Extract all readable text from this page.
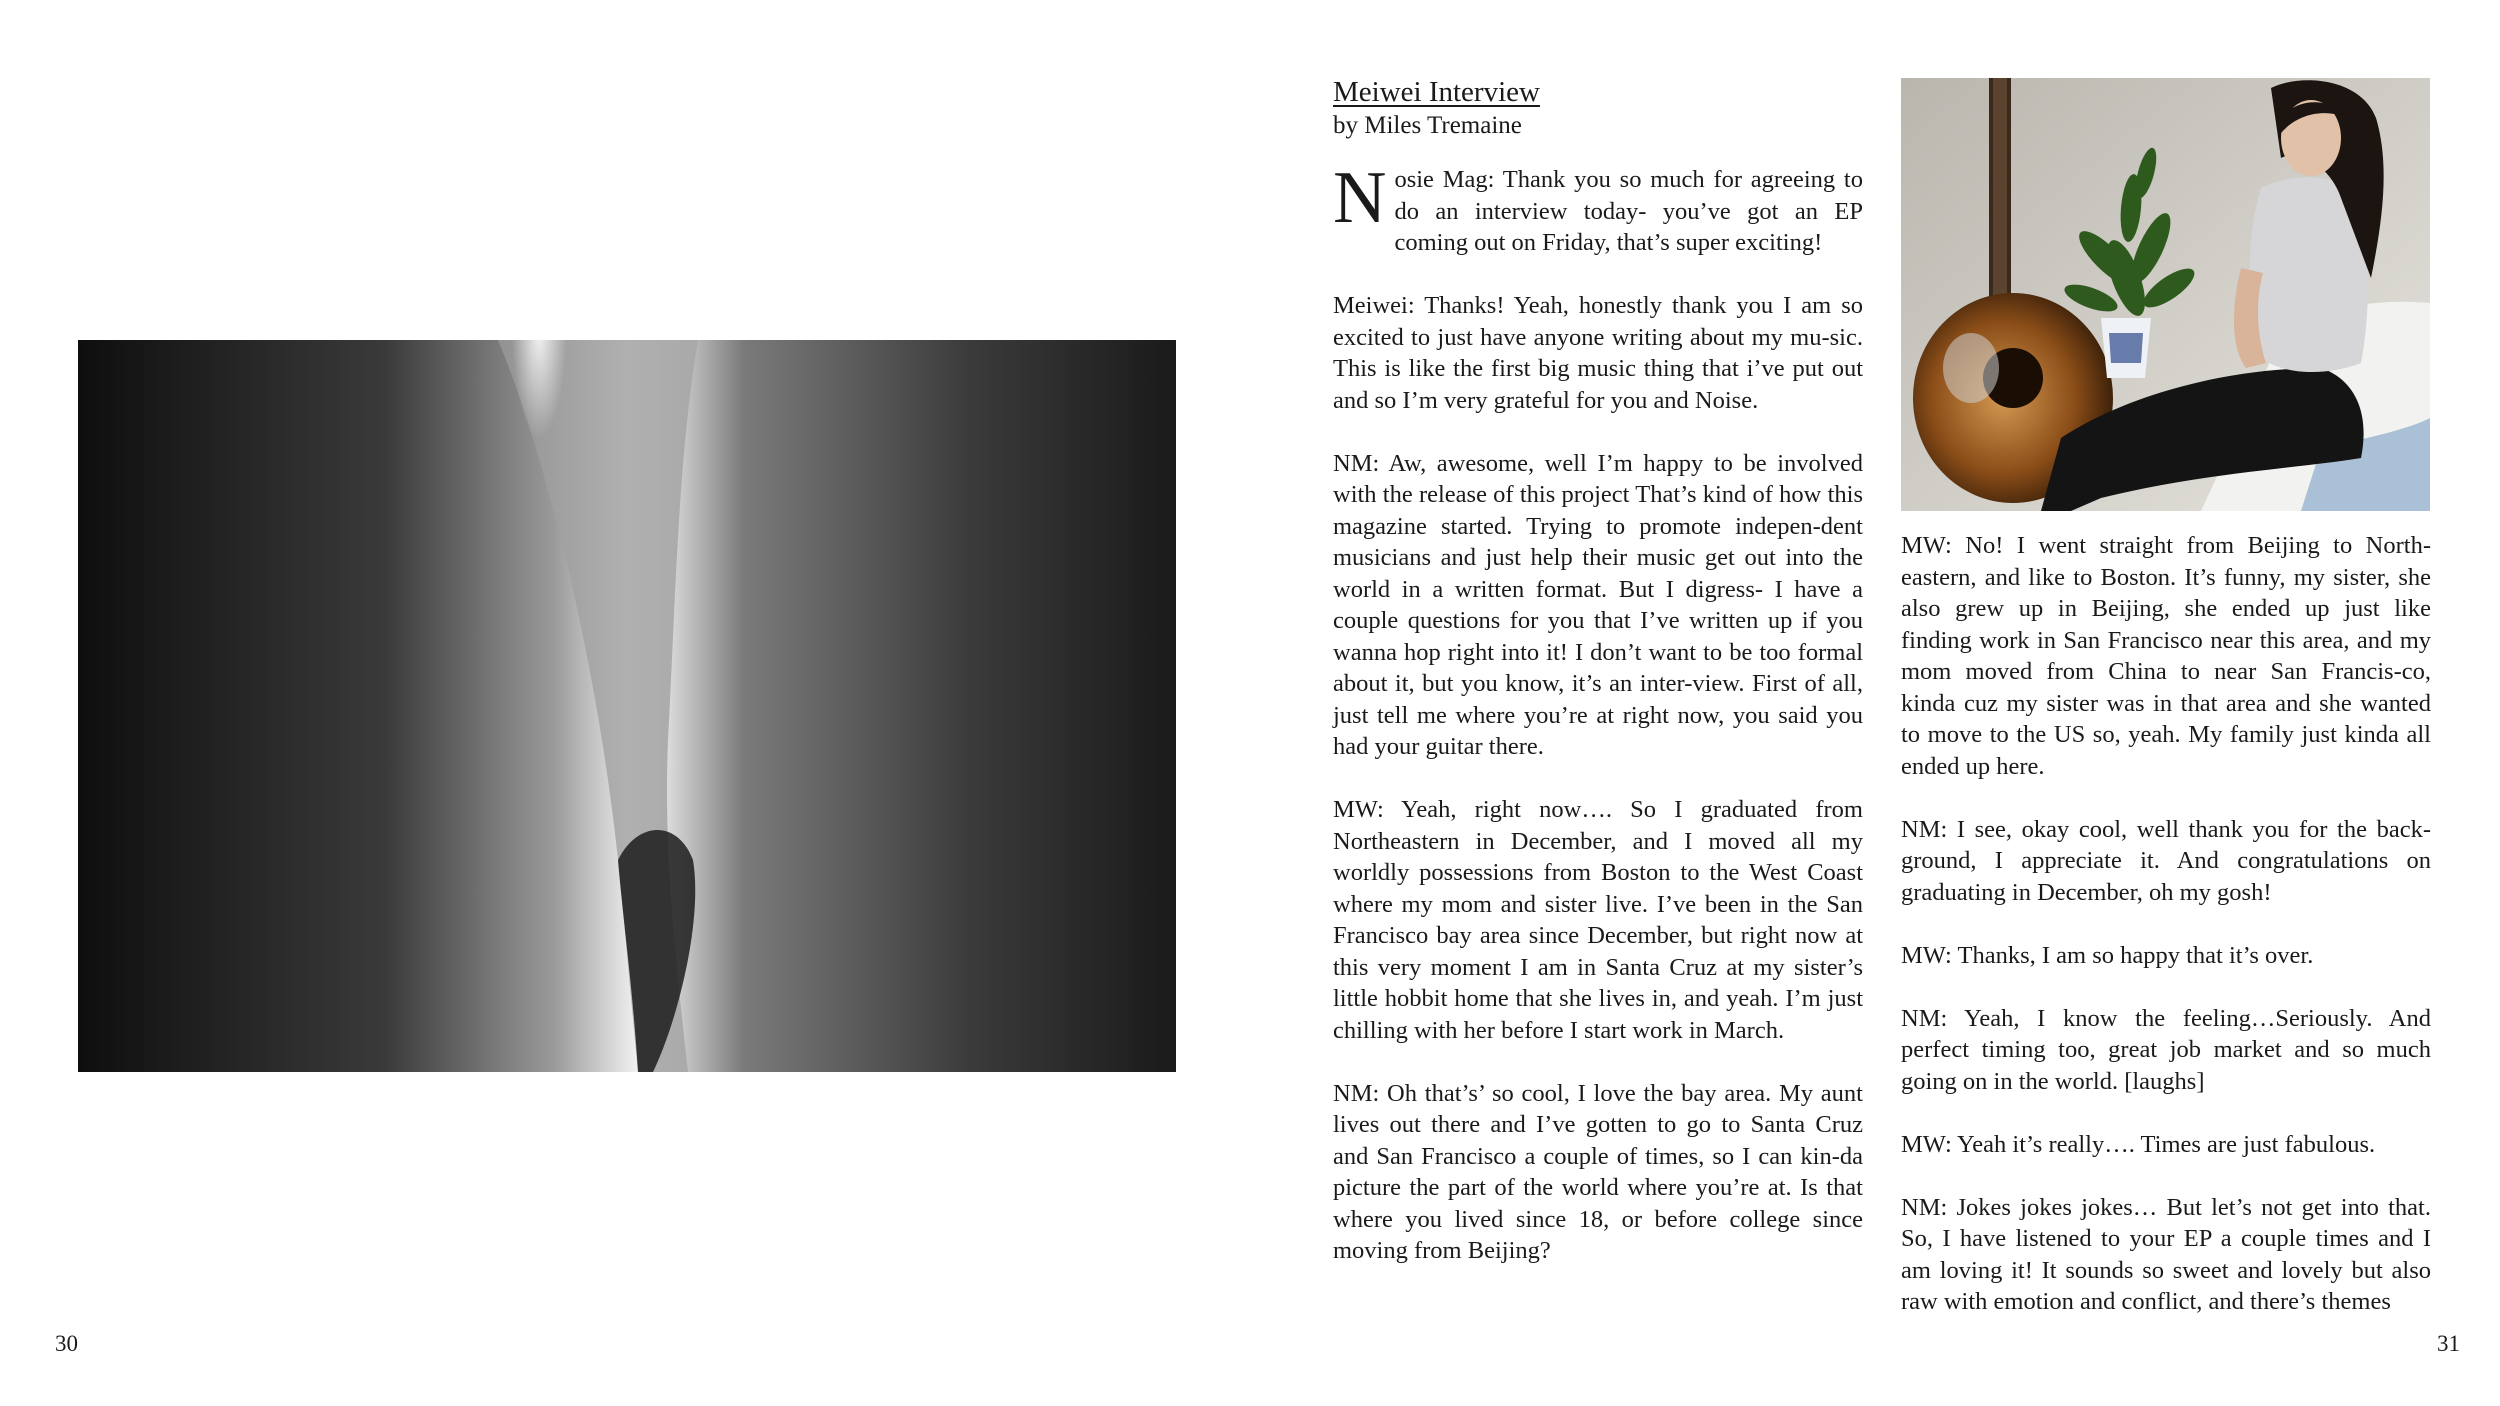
30	31
Meiwei Interview
by Miles Tremaine

Nosie Mag: Thank you so much for agreeing to do an interview today- you’ve got an EP coming out on Friday, that’s super exciting!

Meiwei: Thanks! Yeah, honestly thank you I am so excited to just have anyone writing about my mu-sic. This is like the first big music thing that i’ve put out and so I’m very grateful for you and Noise.

NM: Aw, awesome, well I’m happy to be involved with the release of this project That’s kind of how this magazine started. Trying to promote indepen-dent musicians and just help their music get out into the world in a written format. But I digress- I have a couple questions for you that I’ve written up if you wanna hop right into it! I don’t want to be too formal about it, but you know, it’s an inter-view. First of all, just tell me where you’re at right now, you said you had your guitar there.

MW: Yeah, right now…. So I graduated from Northeastern in December, and I moved all my worldly possessions from Boston to the West Coast where my mom and sister live. I’ve been in the San Francisco bay area since December, but right now at this very moment I am in Santa Cruz at my sister’s little hobbit home that she lives in, and yeah. I’m just chilling with her before I start work in March.

NM: Oh that’s’ so cool, I love the bay area. My aunt lives out there and I’ve gotten to go to Santa Cruz and San Francisco a couple of times, so I can kin-da picture the part of the world where you’re at. Is that where you lived since 18, or before college since moving from Beijing?

MW: No! I went straight from Beijing to North-eastern, and like to Boston. It’s funny, my sister, she also grew up in Beijing, she ended up just like finding work in San Francisco near this area, and my mom moved from China to near San Francis-co, kinda cuz my sister was in that area and she wanted to move to the US so, yeah. My family just kinda all ended up here.

NM: I see, okay cool, well thank you for the back-ground, I appreciate it. And congratulations on graduating in December, oh my gosh!

MW: Thanks, I am so happy that it’s over.

NM: Yeah, I know the feeling…Seriously. And perfect timing too, great job market and so much going on in the world. [laughs]

MW: Yeah it’s really…. Times are just fabulous.

NM: Jokes jokes jokes… But let’s not get into that. So, I have listened to your EP a couple times and I am loving it! It sounds so sweet and lovely but also raw with emotion and conflict, and there’s themes
